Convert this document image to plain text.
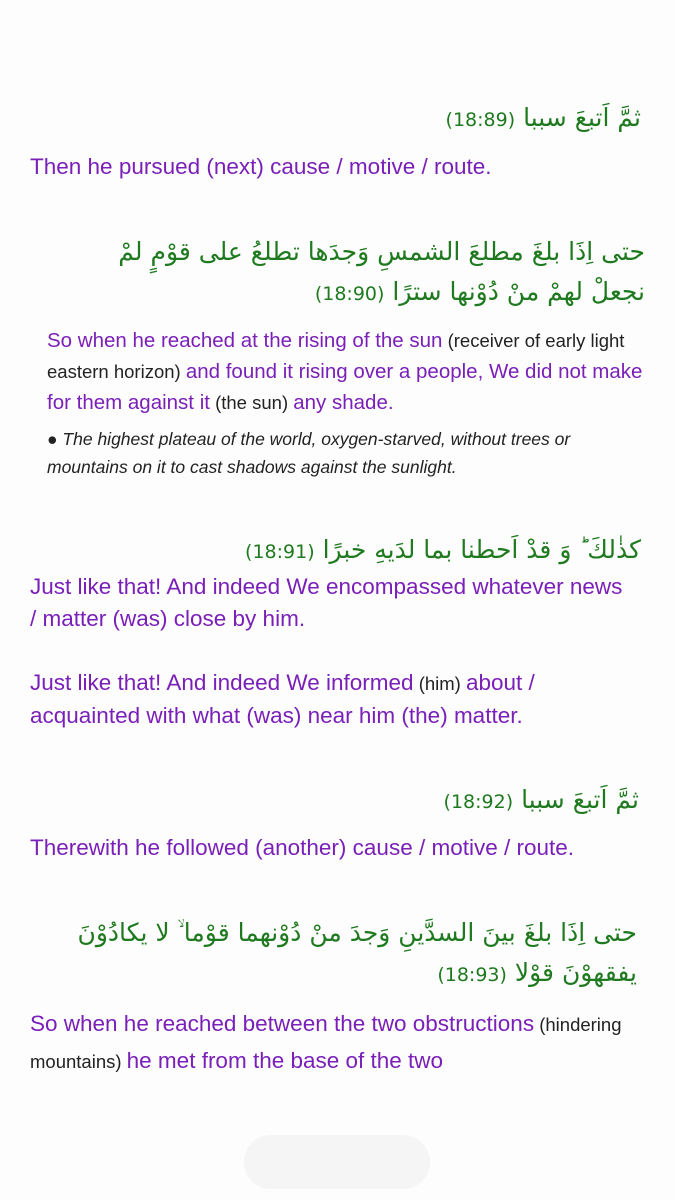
ثمَّ اَتبعَ سببا (18:89)
Then he pursued (next) cause / motive / route.
حتى اِذَا بلغَ مطلعَ الشمسِ وَجدَها تطلعُ على قوْمٍ لمْ
نجعلْ لهمْ منْ دُوْنها سترًا (18:90)
So when he reached at the rising of the sun (receiver of early light eastern horizon) and found it rising over a people, We did not make for them against it (the sun) any shade.
● The highest plateau of the world, oxygen-starved, without trees or mountains on it to cast shadows against the sunlight.
كذٰلكَ ؕ وَ قدْ اَحطنا بما لدَيهِ خبرًا (18:91)
Just like that! And indeed We encompassed whatever news / matter (was) close by him.
Just like that! And indeed We informed (him) about / acquainted with what (was) near him (the) matter.
ثمَّ اَتبعَ سببا (18:92)
Therewith he followed (another) cause / motive / route.
حتى اِذَا بلغَ بينَ السدَّينِ وَجدَ منْ دُوْنهما قوْما ۙ لا يكادُوْنَ
يفقهوْنَ قوْلا (18:93)
So when he reached between the two obstructions (hindering mountains) he met from the base of the two
